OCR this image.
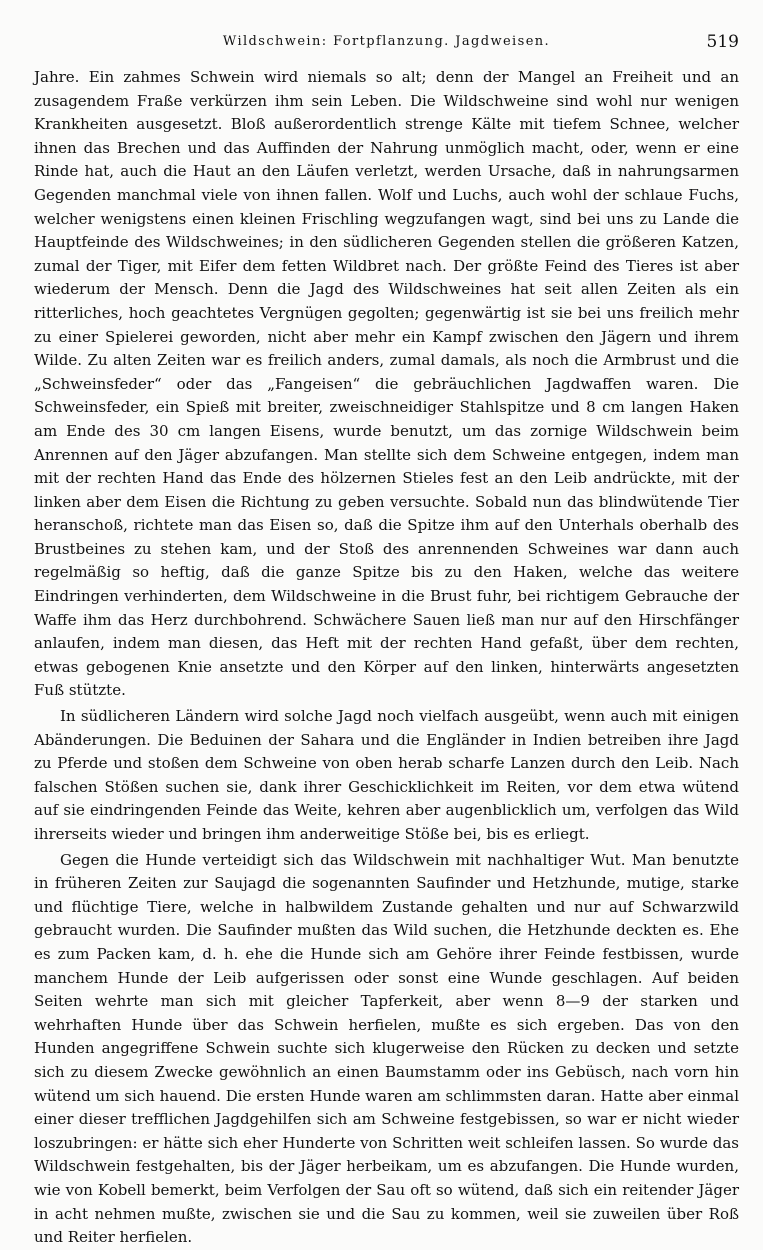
Wildschwein: Fortpflanzung. Jagdweisen.	519

Jahre. Ein zahmes Schwein wird niemals so alt; denn der Mangel an Freiheit und an zusagendem Fraße verkürzen ihm sein Leben. Die Wildschweine sind wohl nur wenigen Krankheiten ausgesetzt. Bloß außerordentlich strenge Kälte mit tiefem Schnee, welcher ihnen das Brechen und das Auffinden der Nahrung unmöglich macht, oder, wenn er eine Rinde hat, auch die Haut an den Läufen verletzt, werden Ursache, daß in nahrungsarmen Gegenden manchmal viele von ihnen fallen. Wolf und Luchs, auch wohl der schlaue Fuchs, welcher wenigstens einen kleinen Frischling wegzufangen wagt, sind bei uns zu Lande die Hauptfeinde des Wildschweines; in den südlicheren Gegenden stellen die größeren Katzen, zumal der Tiger, mit Eifer dem fetten Wildbret nach. Der größte Feind des Tieres ist aber wiederum der Mensch. Denn die Jagd des Wildschweines hat seit allen Zeiten als ein ritterliches, hoch geachtetes Vergnügen gegolten; gegenwärtig ist sie bei uns freilich mehr zu einer Spielerei geworden, nicht aber mehr ein Kampf zwischen den Jägern und ihrem Wilde. Zu alten Zeiten war es freilich anders, zumal damals, als noch die Armbrust und die „Schweinsfeder“ oder das „Fangeisen“ die gebräuchlichen Jagdwaffen waren. Die Schweinsfeder, ein Spieß mit breiter, zweischneidiger Stahlspitze und 8 cm langen Haken am Ende des 30 cm langen Eisens, wurde benutzt, um das zornige Wildschwein beim Anrennen auf den Jäger abzufangen. Man stellte sich dem Schweine entgegen, indem man mit der rechten Hand das Ende des hölzernen Stieles fest an den Leib andrückte, mit der linken aber dem Eisen die Richtung zu geben versuchte. Sobald nun das blindwütende Tier heranschoß, richtete man das Eisen so, daß die Spitze ihm auf den Unterhals oberhalb des Brustbeines zu stehen kam, und der Stoß des anrennenden Schweines war dann auch regelmäßig so heftig, daß die ganze Spitze bis zu den Haken, welche das weitere Eindringen verhinderten, dem Wildschweine in die Brust fuhr, bei richtigem Gebrauche der Waffe ihm das Herz durchbohrend. Schwächere Sauen ließ man nur auf den Hirschfänger anlaufen, indem man diesen, das Heft mit der rechten Hand gefaßt, über dem rechten, etwas gebogenen Knie ansetzte und den Körper auf den linken, hinterwärts angesetzten Fuß stützte.

In südlicheren Ländern wird solche Jagd noch vielfach ausgeübt, wenn auch mit einigen Abänderungen. Die Beduinen der Sahara und die Engländer in Indien betreiben ihre Jagd zu Pferde und stoßen dem Schweine von oben herab scharfe Lanzen durch den Leib. Nach falschen Stößen suchen sie, dank ihrer Geschicklichkeit im Reiten, vor dem etwa wütend auf sie eindringenden Feinde das Weite, kehren aber augenblicklich um, verfolgen das Wild ihrerseits wieder und bringen ihm anderweitige Stöße bei, bis es erliegt.

Gegen die Hunde verteidigt sich das Wildschwein mit nachhaltiger Wut. Man benutzte in früheren Zeiten zur Saujagd die sogenannten Saufinder und Hetzhunde, mutige, starke und flüchtige Tiere, welche in halbwildem Zustande gehalten und nur auf Schwarzwild gebraucht wurden. Die Saufinder mußten das Wild suchen, die Hetzhunde deckten es. Ehe es zum Packen kam, d. h. ehe die Hunde sich am Gehöre ihrer Feinde festbissen, wurde manchem Hunde der Leib aufgerissen oder sonst eine Wunde geschlagen. Auf beiden Seiten wehrte man sich mit gleicher Tapferkeit, aber wenn 8—9 der starken und wehrhaften Hunde über das Schwein herfielen, mußte es sich ergeben. Das von den Hunden angegriffene Schwein suchte sich klugerweise den Rücken zu decken und setzte sich zu diesem Zwecke gewöhnlich an einen Baumstamm oder ins Gebüsch, nach vorn hin wütend um sich hauend. Die ersten Hunde waren am schlimmsten daran. Hatte aber einmal einer dieser trefflichen Jagdgehilfen sich am Schweine festgebissen, so war er nicht wieder loszubringen: er hätte sich eher Hunderte von Schritten weit schleifen lassen. So wurde das Wildschwein festgehalten, bis der Jäger herbeikam, um es abzufangen. Die Hunde wurden, wie von Kobell bemerkt, beim Verfolgen der Sau oft so wütend, daß sich ein reitender Jäger in acht nehmen mußte, zwischen sie und die Sau zu kommen, weil sie zuweilen über Roß und Reiter herfielen.
